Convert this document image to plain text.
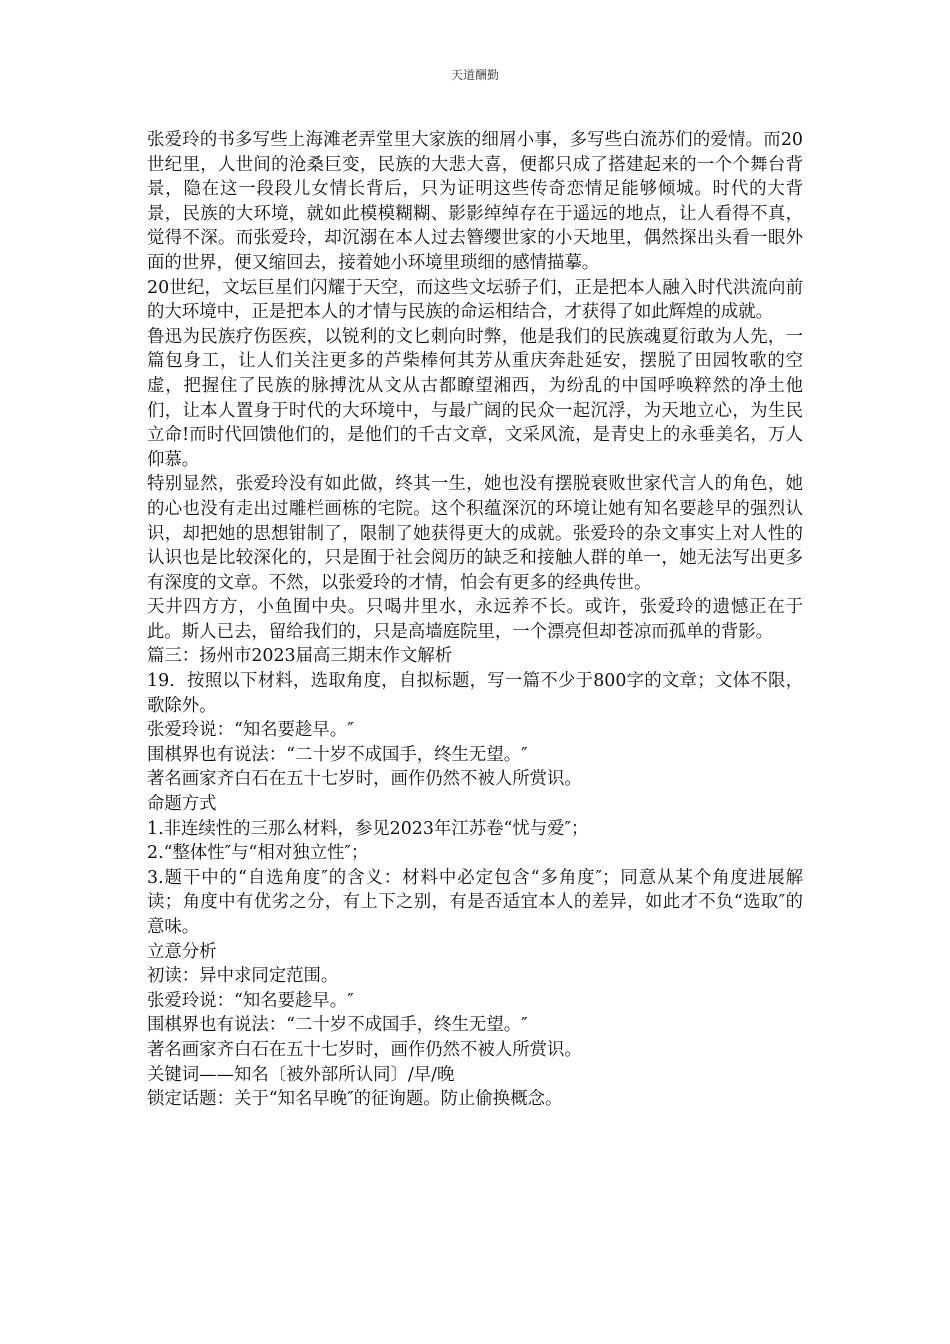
天道酬勤

张爱玲的书多写些上海滩老弄堂里大家族的细屑小事，多写些白流苏们的爱情。而20世纪里，人世间的沧桑巨变，民族的大悲大喜，便都只成了搭建起来的一个个舞台背景，隐在这一段段儿女情长背后，只为证明这些传奇恋情足能够倾城。时代的大背景，民族的大环境，就如此模模糊糊、影影绰绰存在于遥远的地点，让人看得不真，觉得不深。而张爱玲，却沉溺在本人过去簪缨世家的小天地里，偶然探出头看一眼外面的世界，便又缩回去，接着她小环境里琐细的感情描摹。

20世纪，文坛巨星们闪耀于天空，而这些文坛骄子们，正是把本人融入时代洪流向前的大环境中，正是把本人的才情与民族的命运相结合，才获得了如此辉煌的成就。

鲁迅为民族疗伤医疾，以锐利的文匕刺向时弊，他是我们的民族魂夏衍敢为人先，一篇包身工，让人们关注更多的芦柴棒何其芳从重庆奔赴延安，摆脱了田园牧歌的空虚，把握住了民族的脉搏沈从文从古都瞭望湘西，为纷乱的中国呼唤粹然的净土他们，让本人置身于时代的大环境中，与最广阔的民众一起沉浮，为天地立心，为生民立命!而时代回馈他们的，是他们的千古文章，文采风流，是青史上的永垂美名，万人仰慕。

特别显然，张爱玲没有如此做，终其一生，她也没有摆脱衰败世家代言人的角色，她的心也没有走出过雕栏画栋的宅院。这个积蕴深沉的环境让她有知名要趁早的强烈认识，却把她的思想钳制了，限制了她获得更大的成就。张爱玲的杂文事实上对人性的认识也是比较深化的，只是囿于社会阅历的缺乏和接触人群的单一，她无法写出更多有深度的文章。不然，以张爱玲的才情，怕会有更多的经典传世。

天井四方方，小鱼囿中央。只喝井里水，永远养不长。或许，张爱玲的遗憾正在于此。斯人已去，留给我们的，只是高墙庭院里，一个漂亮但却苍凉而孤单的背影。

篇三：扬州市2023届高三期末作文解析

19．按照以下材料，选取角度，自拟标题，写一篇不少于800字的文章；文体不限，歌除外。

张爱玲说：“知名要趁早。″

围棋界也有说法：“二十岁不成国手，终生无望。″

著名画家齐白石在五十七岁时，画作仍然不被人所赏识。

命题方式

1.非连续性的三那么材料，参见2023年江苏卷“忧与爱″；

2.“整体性″与“相对独立性″；

3.题干中的“自选角度″的含义：材料中必定包含“多角度″；同意从某个角度进展解读；角度中有优劣之分，有上下之别，有是否适宜本人的差异，如此才不负“选取″的意味。

立意分析

初读：异中求同定范围。

张爱玲说：“知名要趁早。″

围棋界也有说法：“二十岁不成国手，终生无望。″

著名画家齐白石在五十七岁时，画作仍然不被人所赏识。

关键词——知名〔被外部所认同〕/早/晚

锁定话题：关于“知名早晚″的征询题。防止偷换概念。
